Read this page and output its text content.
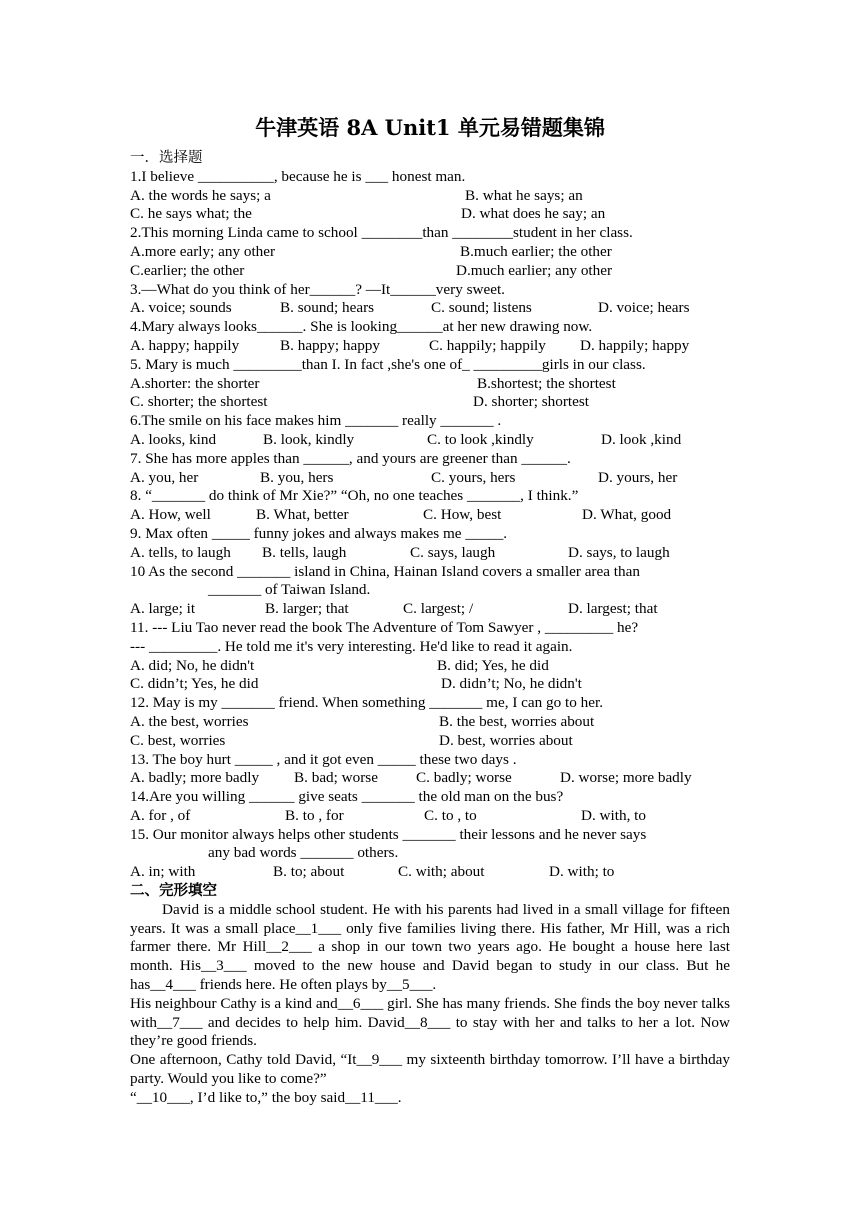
牛津英语 8A Unit1 单元易错题集锦
一．选择题
1.I believe __________, because he is ___ honest man.
A. the words he says; a	B. what he says; an
C. he says what; the	D. what does he say; an
2.This morning Linda came to school ________than ________student in her class.
A.more early; any other	B.much earlier; the other
C.earlier; the other	D.much earlier; any other
3.—What do you think of her______? —It______very sweet.
A. voice; sounds	B. sound; hears	C. sound; listens	D. voice; hears
4.Mary always looks______. She is looking______at her new drawing now.
A. happy; happily	B. happy; happy	C. happily; happily	D. happily; happy
5. Mary is much _________than I. In fact ,she's one of_ _________girls in our class.
A.shorter: the shorter	B.shortest; the shortest
C. shorter; the shortest	D. shorter; shortest
6.The smile on his face makes him _______ really _______ .
A. looks, kind	B. look, kindly	C. to look ,kindly	D. look ,kind
7. She has more apples than ______, and yours are greener than ______.
A. you, her	B. you, hers	C. yours, hers	D. yours, her
8. “_______ do think of Mr Xie?” “Oh, no one teaches _______, I think.”
A. How, well	B. What, better	C. How, best	D. What, good
9. Max often _____ funny jokes and always makes me _____.
A. tells, to laugh	B. tells, laugh	C. says, laugh	D. says, to laugh
10 As the second _______ island in China, Hainan Island covers a smaller area than
_______ of Taiwan Island.
A. large; it	B. larger; that	C. largest; /	D. largest; that
11. --- Liu Tao never read the book The Adventure of Tom Sawyer , _________ he?
--- _________. He told me it's very interesting. He'd like to read it again.
A. did; No, he didn't	B. did; Yes, he did
C. didn’t; Yes, he did	D. didn’t; No, he didn't
12. May is my _______ friend. When something _______ me, I can go to her.
A. the best, worries	B. the best, worries about
C. best, worries	D. best, worries about
13. The boy hurt _____ , and it got even _____ these two days .
A. badly; more badly	B. bad; worse	C. badly; worse	D. worse; more badly
14.Are you willing ______ give seats _______ the old man on the bus?
A. for , of	B. to , for	C. to , to	D. with, to
15. Our monitor always helps other students _______ their lessons and he never says
any bad words _______ others.
A. in; with	B. to; about	C. with; about	D. with; to
二、完形填空
David is a middle school student. He with his parents had lived in a small village for fifteen years. It was a small place__1___ only five families living there. His father, Mr Hill, was a rich farmer there. Mr Hill__2___ a shop in our town two years ago. He bought a house here last month. His__3___ moved to the new house and David began to study in our class. But he has__4___ friends here. He often plays by__5___.
His neighbour Cathy is a kind and__6___ girl. She has many friends. She finds the boy never talks with__7___ and decides to help him. David__8___ to stay with her and talks to her a lot. Now they’re good friends.
One afternoon, Cathy told David, “It__9___ my sixteenth birthday tomorrow. I’ll have a birthday party. Would you like to come?”
“__10___, I’d like to,” the boy said__11___.
